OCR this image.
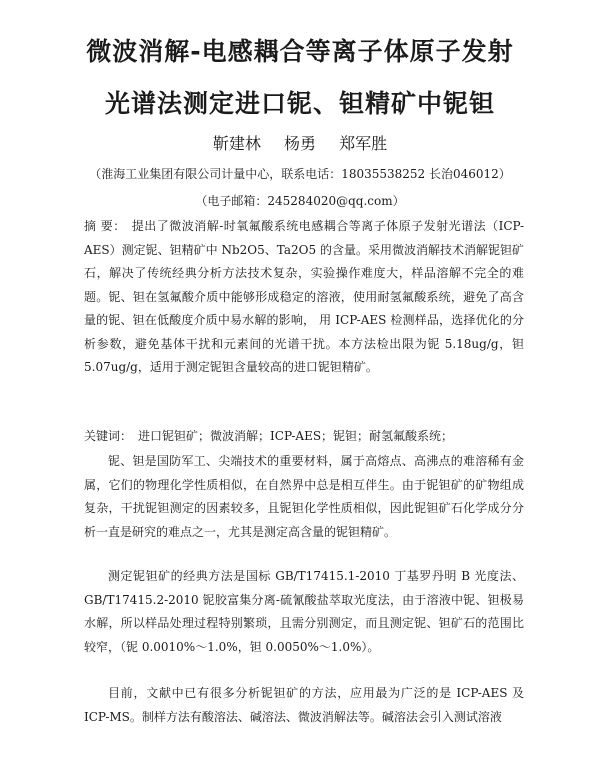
微波消解-电感耦合等离子体原子发射
光谱法测定进口铌、钽精矿中铌钽
靳建林 杨勇 郑军胜
（淮海工业集团有限公司计量中心，联系电话：18035538252 长治046012）
（电子邮箱：245284020@qq.com）

摘 要： 提出了微波消解-时氧氟酸系统电感耦合等离子体原子发射光谱法（ICP-AES）测定铌、钽精矿中 Nb2O5、Ta2O5 的含量。采用微波消解技术消解铌钽矿石，解决了传统经典分析方法技术复杂，实验操作难度大，样品溶解不完全的难题。铌、钽在氢氟酸介质中能够形成稳定的溶液，使用耐氢氟酸系统，避免了高含量的铌、钽在低酸度介质中易水解的影响， 用 ICP-AES 检测样品，选择优化的分析参数，避免基体干扰和元素间的光谱干扰。本方法检出限为铌 5.18ug/g，钽 5.07ug/g，适用于测定铌钽含量较高的进口铌钽精矿。

关键词： 进口铌钽矿；微波消解；ICP-AES；铌钽；耐氢氟酸系统；

铌、钽是国防军工、尖端技术的重要材料，属于高熔点、高沸点的难溶稀有金属，它们的物理化学性质相似，在自然界中总是相互伴生。由于铌钽矿的矿物组成复杂，干扰铌钽测定的因素较多，且铌钽化学性质相似，因此铌钽矿石化学成分分析一直是研究的难点之一，尤其是测定高含量的铌钽精矿。

测定铌钽矿的经典方法是国标 GB/T17415.1-2010 丁基罗丹明 B 光度法、GB/T17415.2-2010 铌胶富集分离-硫氰酸盐萃取光度法，由于溶液中铌、钽极易水解，所以样品处理过程特别繁琐，且需分别测定，而且测定铌、钽矿石的范围比较窄，（铌 0.0010%～1.0%，钽 0.0050%～1.0%）。

目前，文献中已有很多分析铌钽矿的方法，应用最为广泛的是 ICP-AES 及 ICP-MS。制样方法有酸溶法、碱溶法、微波消解法等。碱溶法会引入测试溶液
